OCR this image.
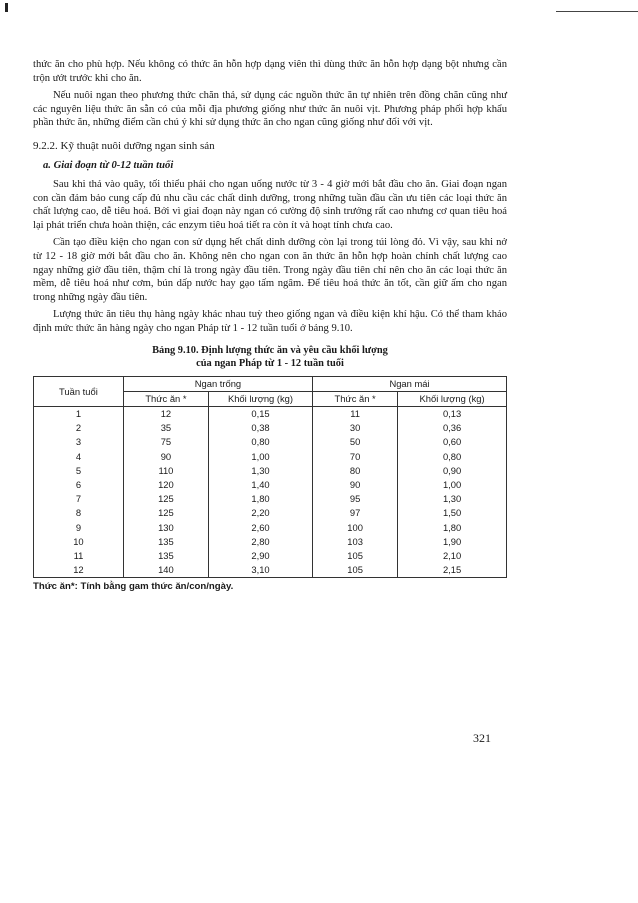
thức ăn cho phù hợp. Nếu không có thức ăn hỗn hợp dạng viên thì dùng thức ăn hỗn hợp dạng bột nhưng cần trộn ướt trước khi cho ăn.

Nếu nuôi ngan theo phương thức chăn thả, sử dụng các nguồn thức ăn tự nhiên trên đồng chăn cũng như các nguyên liệu thức ăn sẵn có của mỗi địa phương giống như thức ăn nuôi vịt. Phương pháp phối hợp khẩu phần thức ăn, những điểm cần chú ý khi sử dụng thức ăn cho ngan cũng giống như đối với vịt.

9.2.2. Kỹ thuật nuôi dưỡng ngan sinh sản
a. Giai đoạn từ 0-12 tuần tuổi

Sau khi thả vào quây, tối thiểu phải cho ngan uống nước từ 3 - 4 giờ mới bắt đầu cho ăn. Giai đoạn ngan con cần đảm bảo cung cấp đủ nhu cầu các chất dinh dưỡng, trong những tuần đầu cần ưu tiên các loại thức ăn chất lượng cao, dễ tiêu hoá. Bởi vì giai đoạn này ngan có cường độ sinh trưởng rất cao nhưng cơ quan tiêu hoá lại phát triển chưa hoàn thiện, các enzym tiêu hoá tiết ra còn ít và hoạt tính chưa cao.

Cần tạo điều kiện cho ngan con sử dụng hết chất dinh dưỡng còn lại trong túi lòng đỏ. Vì vậy, sau khi nở từ 12 - 18 giờ mới bắt đầu cho ăn. Không nên cho ngan con ăn thức ăn hỗn hợp hoàn chỉnh chất lượng cao ngay những giờ đầu tiên, thậm chí là trong ngày đầu tiên. Trong ngày đầu tiên chỉ nên cho ăn các loại thức ăn mềm, dễ tiêu hoá như cơm, bún dấp nước hay gạo tấm ngâm. Để tiêu hoá thức ăn tốt, cần giữ ấm cho ngan trong những ngày đầu tiên.

Lượng thức ăn tiêu thụ hàng ngày khác nhau tuỳ theo giống ngan và điều kiện khí hậu. Có thể tham khảo định mức thức ăn hàng ngày cho ngan Pháp từ 1 - 12 tuần tuổi ở bảng 9.10.

Bảng 9.10. Định lượng thức ăn và yêu cầu khối lượng
của ngan Pháp từ 1 - 12 tuần tuổi
Tuần tuổi	Ngan trống		Ngan mái	
	Thức ăn *	Khối lượng (kg)	Thức ăn *	Khối lượng (kg)
1	12	0,15	11	0,13
2	35	0,38	30	0,36
3	75	0,80	50	0,60
4	90	1,00	70	0,80
5	110	1,30	80	0,90
6	120	1,40	90	1,00
7	125	1,80	95	1,30
8	125	2,20	97	1,50
9	130	2,60	100	1,80
10	135	2,80	103	1,90
11	135	2,90	105	2,10
12	140	3,10	105	2,15
Thức ăn*: Tính bằng gam thức ăn/con/ngày.
321
